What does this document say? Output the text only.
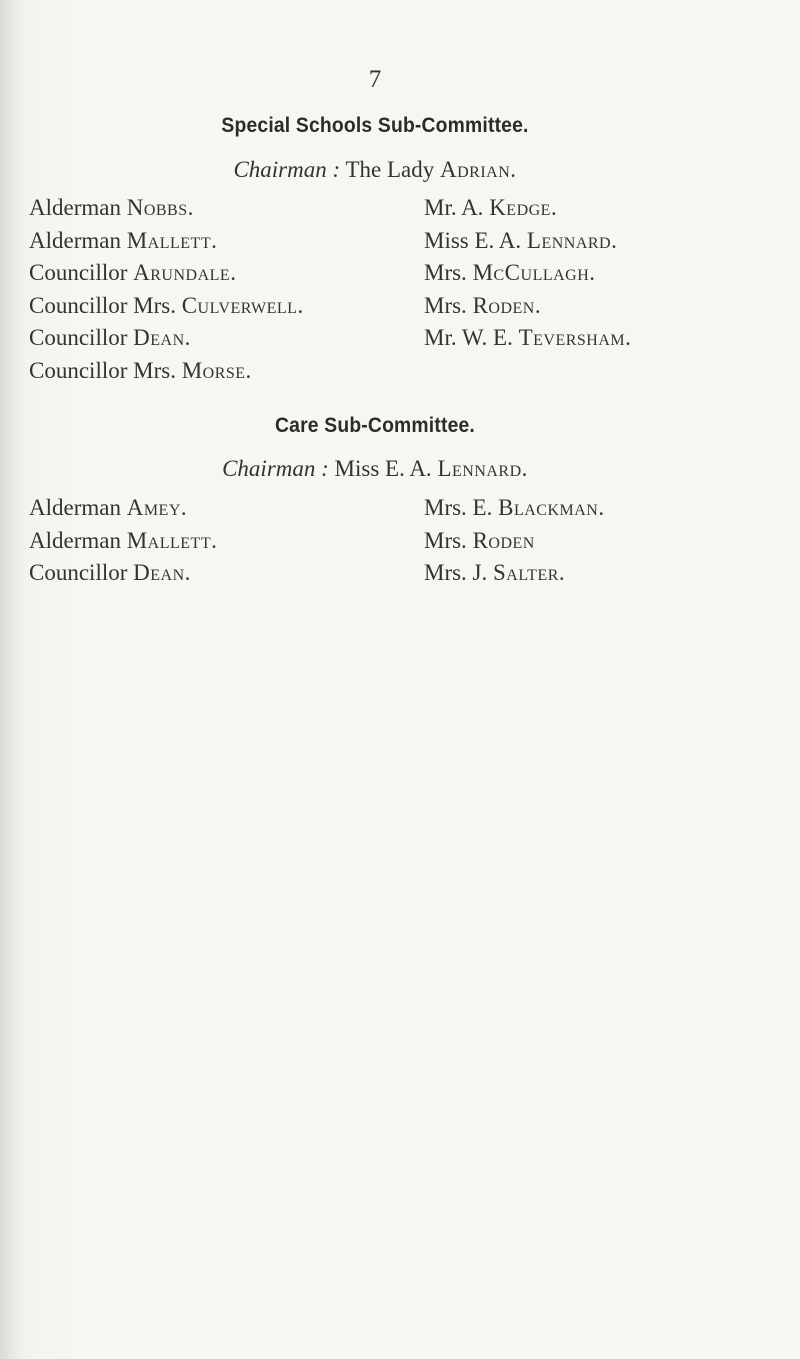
7
Special Schools Sub-Committee.
Chairman : The Lady Adrian.
Alderman Nobbs.
Alderman Mallett.
Councillor Arundale.
Councillor Mrs. Culverwell.
Councillor Dean.
Councillor Mrs. Morse.
Mr. A. Kedge.
Miss E. A. Lennard.
Mrs. McCullagh.
Mrs. Roden.
Mr. W. E. Teversham.
Care Sub-Committee.
Chairman : Miss E. A. Lennard.
Alderman Amey.
Alderman Mallett.
Councillor Dean.
Mrs. E. Blackman.
Mrs. Roden
Mrs. J. Salter.
